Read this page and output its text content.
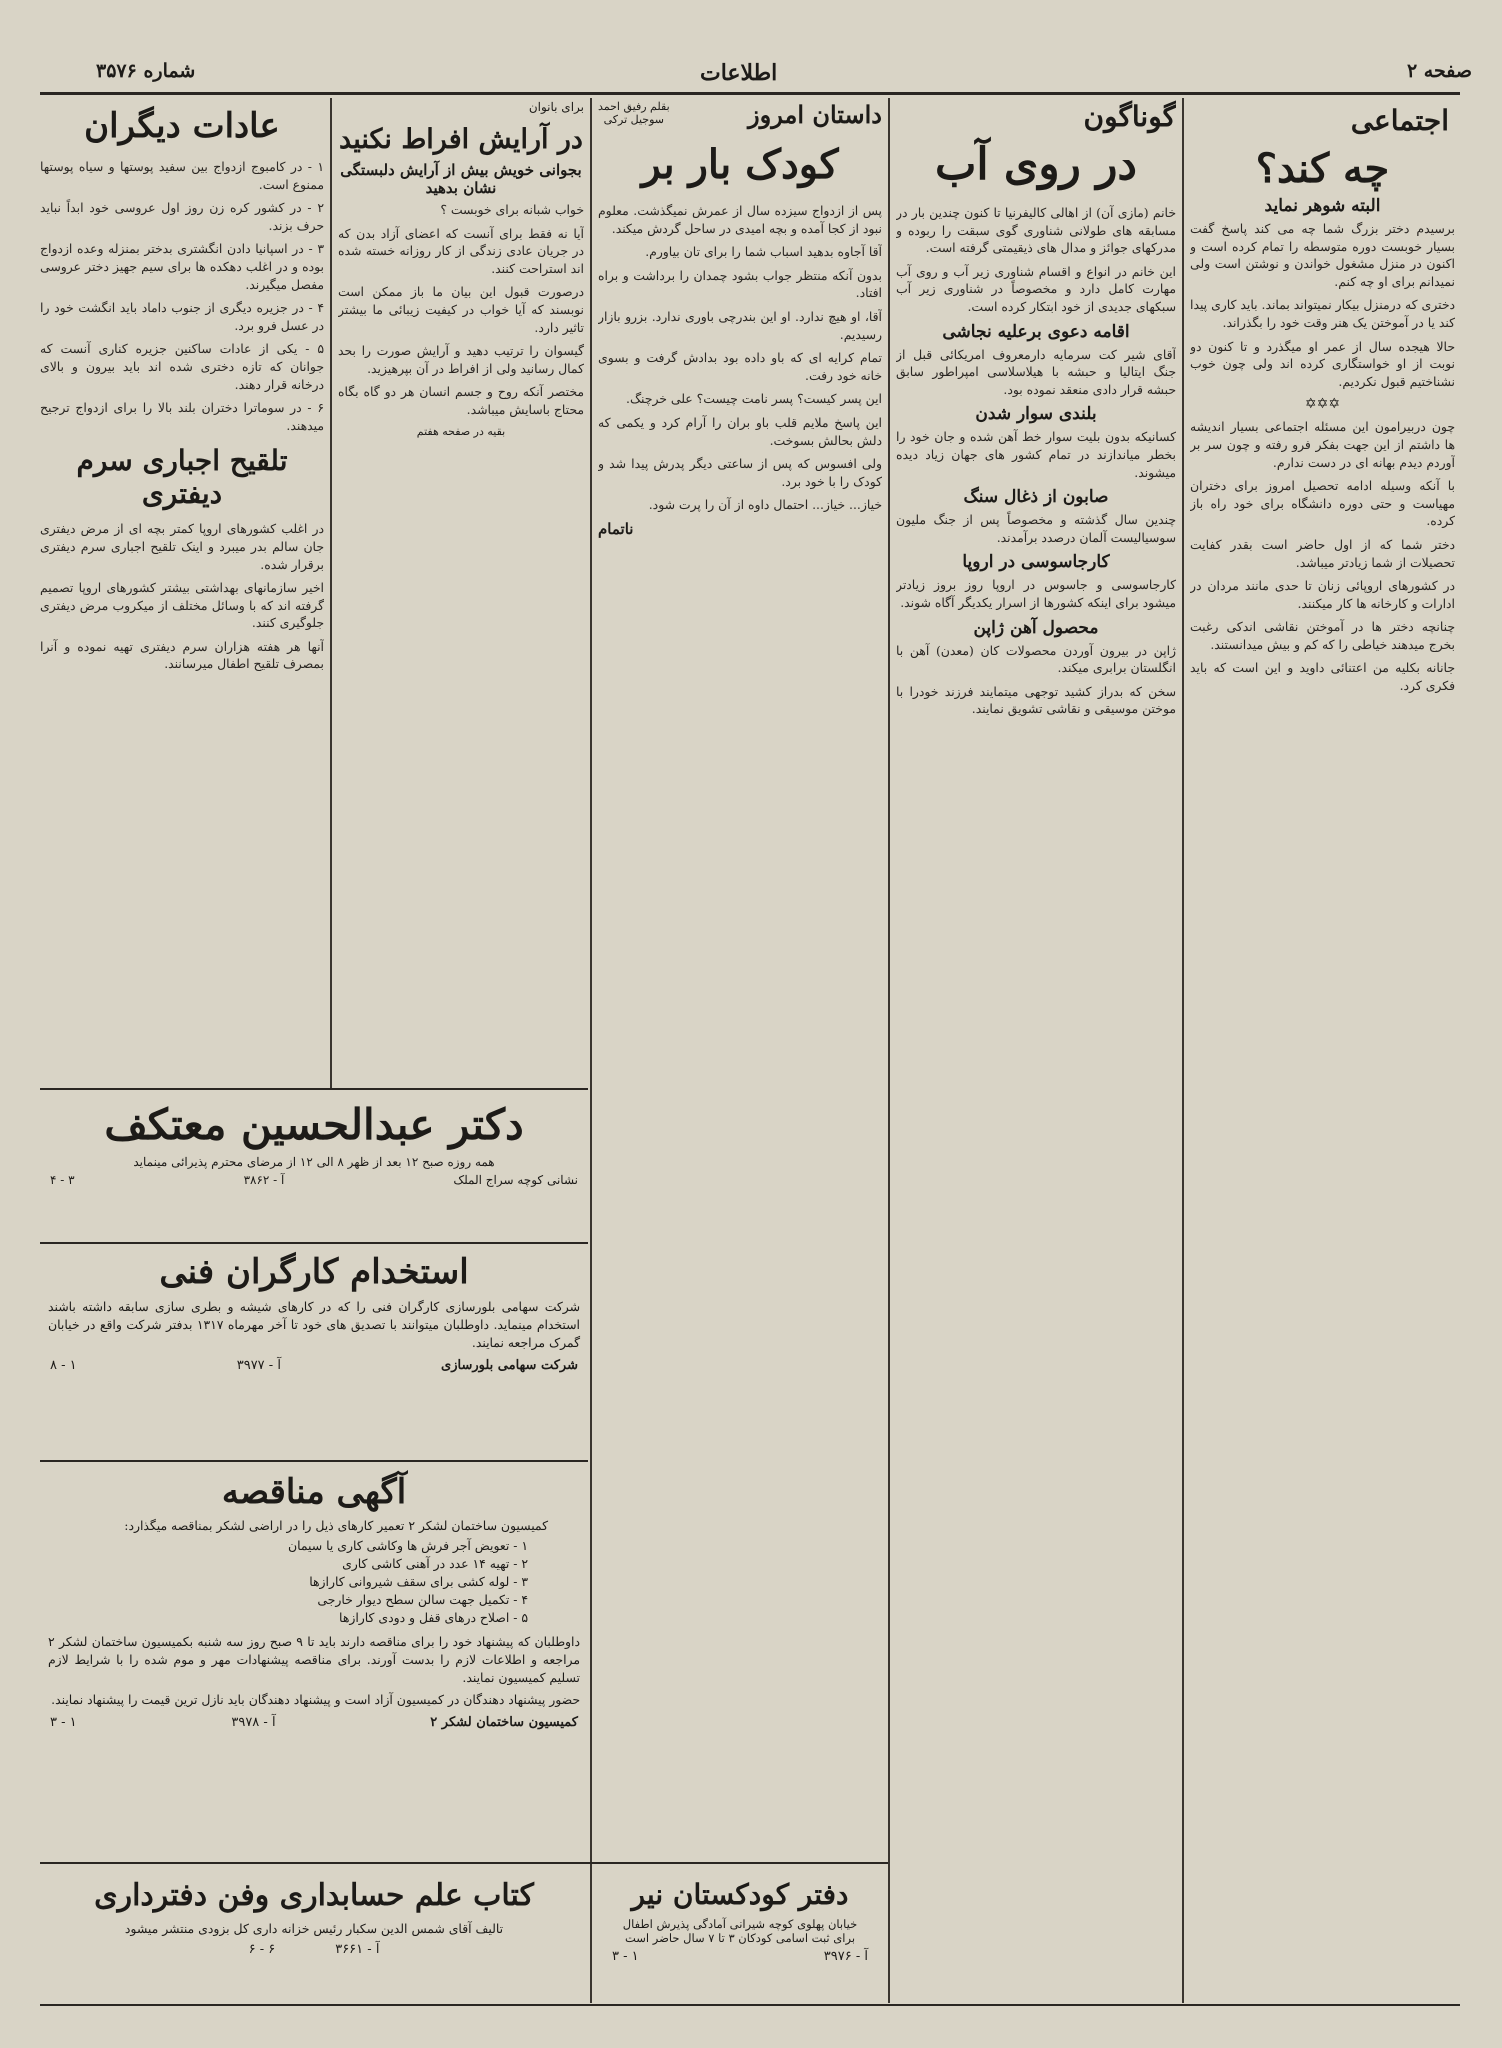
صفحه ۲
اطلاعات
شماره ۳۵۷۶
اجتماعی
چه کند؟
البته شوهر نماید

برسیدم دختر بزرگ شما چه می کند پاسخ گفت بسیار خوبست دوره متوسطه را تمام کرده است و اکنون در منزل مشغول خواندن و نوشتن است ولی نمیدانم برای او چه کنم.

دختری که درمنزل بیکار نمیتواند بماند. باید کاری پیدا کند یا در آموختن یک هنر وقت خود را بگذراند.

حالا هیجده سال از عمر او میگذرد و تا کنون دو نوبت از او خواستگاری کرده اند ولی چون خوب نشناختیم قبول نکردیم.

✡✡✡

چون دربیرامون این مسئله اجتماعی بسیار اندیشه ها داشتم از این جهت بفکر فرو رفته و چون سر بر آوردم دیدم بهانه ای در دست ندارم.

با آنکه وسیله ادامه تحصیل امروز برای دختران مهیاست و حتی دوره دانشگاه برای خود راه باز کرده.

دختر شما که از اول حاضر است بقدر کفایت تحصیلات از شما زیادتر میباشد.

در کشورهای اروپائی زنان تا حدی مانند مردان در ادارات و کارخانه ها کار میکنند.

چنانچه دختر ها در آموختن نقاشی اندکی رغبت بخرج میدهند خیاطی را که کم و بیش میدانستند.

جانانه بکلیه من اعتنائی داوید و این است که باید فکری کرد.

گوناگون
در روی آب

خانم (مازی آن) از اهالی کالیفرنیا تا کنون چندین بار در مسابقه های طولانی شناوری گوی سبقت را ربوده و مدرکهای جوائز و مدال های ذیقیمتی گرفته است.

این خانم در انواع و اقسام شناوری زیر آب و روی آب مهارت کامل دارد و مخصوصاً در شناوری زیر آب سبکهای جدیدی از خود ابتکار کرده است.

اقامه دعوی برعلیه نجاشی

آقای شیر کت سرمایه دارمعروف امریکائی قبل از جنگ ایتالیا و حبشه با هیلاسلاسی امپراطور سابق حبشه قرار دادی منعقد نموده بود.

بلندی سوار شدن

کسانیکه بدون بلیت سوار خط آهن شده و جان خود را بخطر میاندازند در تمام کشور های جهان زیاد دیده میشوند.

صابون از ذغال سنگ

چندین سال گذشته و مخصوصاً پس از جنگ ملیون سوسیالیست آلمان درصدد برآمدند.

کارجاسوسی در اروپا

کارجاسوسی و جاسوس در اروپا روز بروز زیادتر میشود برای اینکه کشورها از اسرار یکدیگر آگاه شوند.

محصول آهن ژاپن

ژاپن در بیرون آوردن محصولات کان (معدن) آهن با انگلستان برابری میکند.

سخن که بدراز کشید توجهی میتمایند فرزند خودرا با موختن موسیقی و نقاشی تشویق نمایند.

داستان امروز
بقلم رفیق احمد
سوجیل ترکی
کودک بار بر

پس از ازدواج سیزده سال از عمرش نمیگذشت. معلوم نبود از کجا آمده و بچه امیدی در ساحل گردش میکند.

آقا آجاوه بدهید اسباب شما را برای تان بیاورم.

بدون آنکه منتظر جواب بشود چمدان را برداشت و براه افتاد.

آقا، او هیچ ندارد. او این بندرچی باوری ندارد. بزرو بازار رسیدیم.

تمام کرایه ای که باو داده بود بدادش گرفت و بسوی خانه خود رفت.

این پسر کیست؟ پسر نامت چیست؟ علی خرچنگ.

این پاسخ ملایم قلب باو بران را آرام کرد و یکمی که دلش بحالش بسوخت.

ولی افسوس که پس از ساعتی دیگر پدرش پیدا شد و کودک را با خود برد.

خیاز... خیاز... احتمال داوه از آن را پرت شود.

ناتمام
برای بانوان
در آرایش افراط نکنید
بجوانی خویش بیش از آرایش دلبستگی نشان بدهید

خواب شبانه برای خوبست ؟

آیا نه فقط برای آنست که اعضای آزاد بدن که در جریان عادی زندگی از کار روزانه خسته شده اند استراحت کنند.

درصورت قبول این بیان ما باز ممکن است نوبسند که آیا خواب در کیفیت زیبائی ما بیشتر تاثیر دارد.

گیسوان را ترتیب دهید و آرایش صورت را بحد کمال رسانید ولی از افراط در آن بپرهیزید.

مختصر آنکه روح و جسم انسان هر دو گاه بگاه محتاج باسایش میباشد.

بقیه در صفحه هفتم
عادات دیگران

۱ - در کامبوج ازدواج بین سفید پوستها و سیاه پوستها ممنوع است.

۲ - در کشور کره زن روز اول عروسی خود ابداً نباید حرف بزند.

۳ - در اسپانیا دادن انگشتری بدختر بمنزله وعده ازدواج بوده و در اغلب دهکده ها برای سیم جهیز دختر عروسی مفصل میگیرند.

۴ - در جزیره دیگری از جنوب داماد باید انگشت خود را در عسل فرو برد.

۵ - یکی از عادات ساکنین جزیره کناری آنست که جوانان که تازه دختری شده اند باید بیرون و بالای درخانه قرار دهند.

۶ - در سوماترا دختران بلند بالا را برای ازدواج ترجیح میدهند.

تلقیح اجباری سرم دیفتری

در اغلب کشورهای اروپا کمتر بچه ای از مرض دیفتری جان سالم بدر میبرد و اینک تلقیح اجباری سرم دیفتری برقرار شده.

اخیر سازمانهای بهداشتی بیشتر کشورهای اروپا تصمیم گرفته اند که با وسائل مختلف از میکروب مرض دیفتری جلوگیری کنند.

آنها هر هفته هزاران سرم دیفتری تهیه نموده و آنرا بمصرف تلقیح اطفال میرسانند.

دکتر عبدالحسین معتکف
همه روزه صبح ۱۲ بعد از ظهر ۸ الی ۱۲ از مرضای محترم پذیرائی مینماید
نشانی کوچه سراج الملک
آ - ۳۸۶۲
۳ - ۴
استخدام کارگران فنی
شرکت سهامی بلورسازی کارگران فنی را که در کارهای شیشه و بطری سازی سابقه داشته باشند استخدام مینماید. داوطلبان میتوانند با تصدیق های خود تا آخر مهرماه ۱۳۱۷ بدفتر شرکت واقع در خیابان گمرک مراجعه نمایند.
شرکت سهامی بلورسازی
آ - ۳۹۷۷
۱ - ۸
آگهی مناقصه
کمیسیون ساختمان لشکر ۲ تعمیر کارهای ذیل را در اراضی لشکر بمناقصه میگذارد:
۱ - تعویض آجر فرش ها وکاشی کاری یا سیمان
۲ - تهیه ۱۴ عدد در آهنی کاشی کاری
۳ - لوله کشی برای سقف شیروانی کارازها
۴ - تکمیل جهت سالن سطح دیوار خارجی
۵ - اصلاح درهای قفل و دودی کارازها
داوطلبان که پیشنهاد خود را برای مناقصه دارند باید تا ۹ صبح روز سه شنبه بکمیسیون ساختمان لشکر ۲ مراجعه و اطلاعات لازم را بدست آورند. برای مناقصه پیشنهادات مهر و موم شده را با شرایط لازم تسلیم کمیسیون نمایند.
حضور پیشنهاد دهندگان در کمیسیون آزاد است و پیشنهاد دهندگان باید نازل ترین قیمت را پیشنهاد نمایند.
کمیسیون ساختمان لشکر ۲
آ - ۳۹۷۸
۱ - ۳
کتاب علم حسابداری وفن دفترداری
تالیف آقای شمس الدین سکبار رئیس خزانه داری کل بزودی منتشر میشود
آ - ۳۶۶۱
۶ - ۶
دفتر کودکستان نیر
خیابان پهلوی کوچه شیرانی آمادگی پذیرش اطفال
برای ثبت اسامی کودکان ۳ تا ۷ سال حاضر است
آ - ۳۹۷۶
۱ - ۳
